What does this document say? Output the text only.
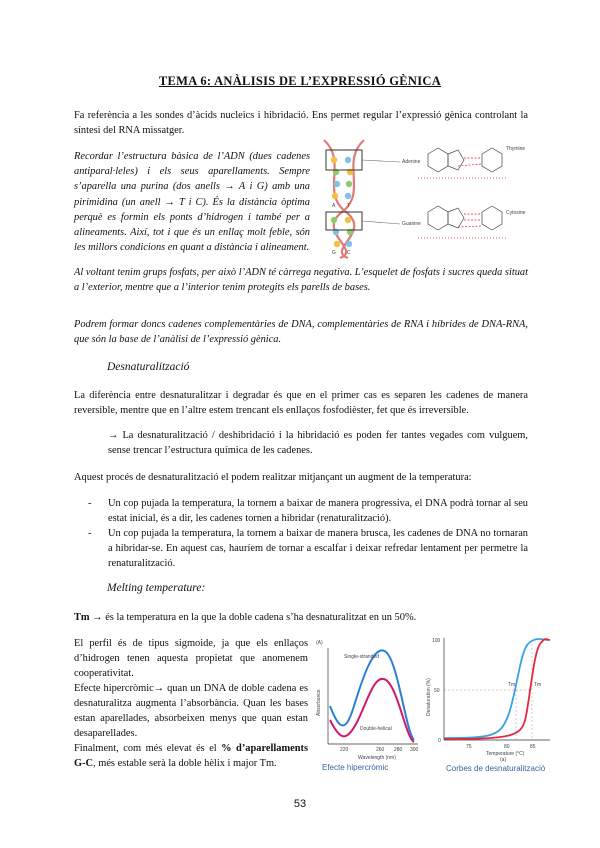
TEMA 6: ANÀLISIS DE L’EXPRESSIÓ GÈNICA

Fa referència a les sondes d’àcids nucleics i hibridació. Ens permet regular l’expressió gènica controlant la síntesi del RNA missatger.

Recordar l’estructura bàsica de l’ADN (dues cadenes antiparal·leles) i els seus aparellaments. Sempre s’aparella una purina (dos anells → A i G) amb una pirimidina (un anell → T i C). És la distància òptima perquè es formin els ponts d’hidrogen i també per a alineaments. Així, tot i que és un enllaç molt feble, són les millors condicions en quant a distància i alineament.

Adenine
Thymine
Guanine
Cytosine
A T
G C

Al voltant tenim grups fosfats, per això l’ADN té càrrega negativa. L’esquelet de fosfats i sucres queda situat a l’exterior, mentre que a l’interior tenim protegits els parells de bases.

Podrem formar doncs cadenes complementàries de DNA, complementàries de RNA i híbrides de DNA-RNA, que són la base de l’anàlisi de l’expressió gènica.

Desnaturalització

La diferència entre desnaturalitzar i degradar és que en el primer cas es separen les cadenes de manera reversible, mentre que en l’altre estem trencant els enllaços fosfodièster, fet que és irreversible.

→ La desnaturalització / deshibridació i la hibridació es poden fer tantes vegades com vulguem, sense trencar l’estructura química de les cadenes.

Aquest procés de desnaturalització el podem realitzar mitjançant un augment de la temperatura:

- Un cop pujada la temperatura, la tornem a baixar de manera progressiva, el DNA podrà tornar al seu estat inicial, és a dir, les cadenes tornen a hibridar (renaturalització).

- Un cop pujada la temperatura, la tornem a baixar de manera brusca, les cadenes de DNA no tornaran a hibridar-se. En aquest cas, hauríem de tornar a escalfar i deixar refredar lentament per permetre la renaturalització.

Melting temperature:

Tm → és la temperatura en la que la doble cadena s’ha desnaturalitzat en un 50%.

El perfil és de tipus sigmoide, ja que els enllaços d’hidrogen tenen aquesta propietat que anomenem cooperativitat.

Efecte hipercròmic→ quan un DNA de doble cadena es desnaturalitza augmenta l’absorbància. Quan les bases estan aparellades, absorbeixen menys que quan estan desaparellades.

Finalment, com més elevat és el % d’aparellaments G-C, més estable serà la doble hèlix i major Tm.

(A)
Absorbance
Single-stranded
Double-helical
220	260 280 300
Wavelength (nm)
Efecte hipercròmic
Denaturation (%)
100
50
0
Tm	Tm
75	80	85
Temperature (°C)
(a)
Corbes de desnaturalització
53
